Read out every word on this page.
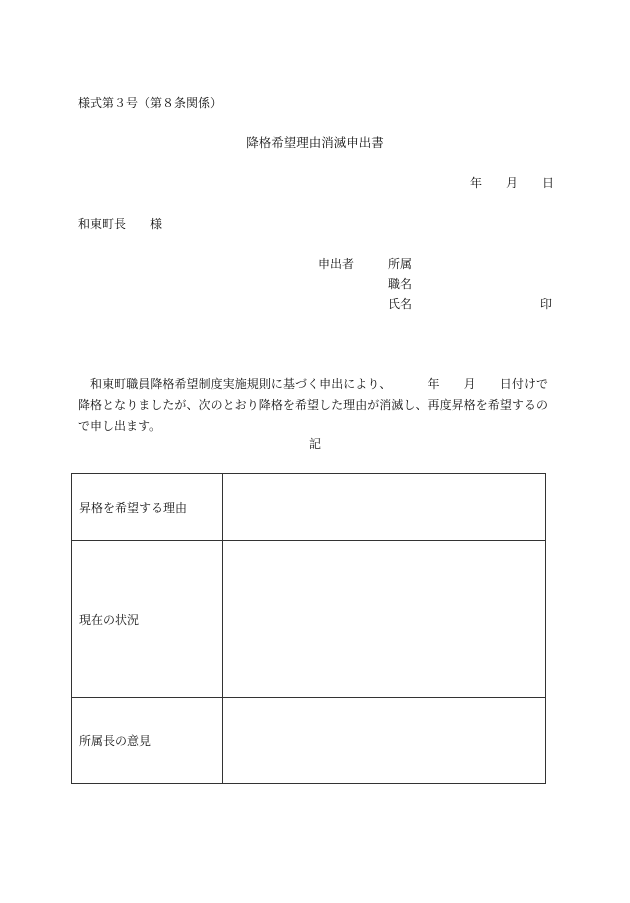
様式第３号（第８条関係）
降格希望理由消滅申出書
年 月 日
和東町長　　様
申出者	所属
職名
氏名	印
和東町職員降格希望制度実施規則に基づく申出により、	年 月 日付けで降格となりましたが、次のとおり降格を希望した理由が消滅し、再度昇格を希望するので申し出ます。
記
昇格を希望する理由	
現在の状況	
所属長の意見	
